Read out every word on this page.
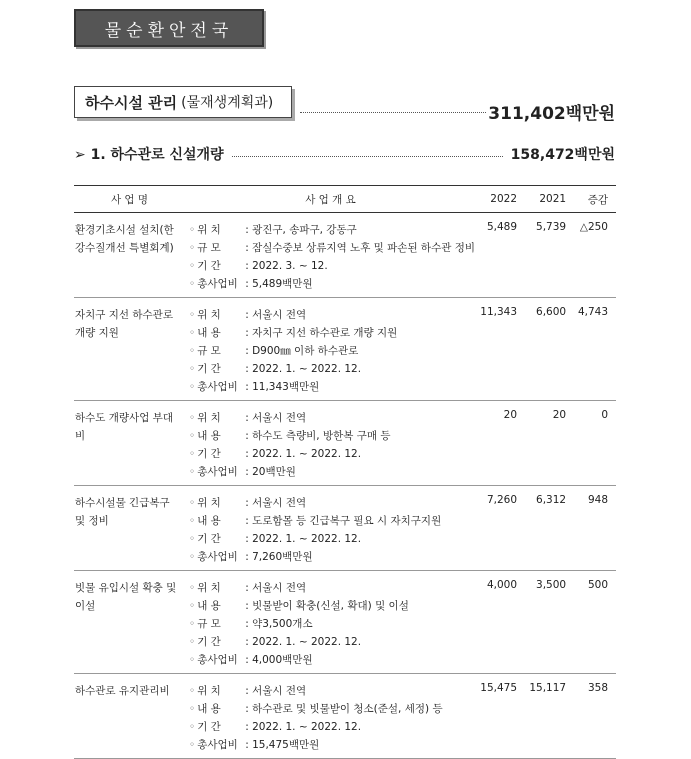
물순환안전국
하수시설 관리 (물재생계획과)
311,402백만원
➢ 1. 하수관로 신설개량	158,472백만원
사 업 명	사 업 개 요	2022	2021	증감
환경기초시설 설치(한강수질개선 특별회계)	◦ 위 치 : 광진구, 송파구, 강동구
◦ 규 모 : 잠실수중보 상류지역 노후 및 파손된 하수관 정비
◦ 기 간 : 2022. 3. ~ 12.
◦ 총사업비 : 5,489백만원	5,489	5,739	△250
자치구 지선 하수관로 개량 지원	◦ 위 치 : 서울시 전역
◦ 내 용 : 자치구 지선 하수관로 개량 지원
◦ 규 모 : D900㎜ 이하 하수관로
◦ 기 간 : 2022. 1. ~ 2022. 12.
◦ 총사업비 : 11,343백만원	11,343	6,600	4,743
하수도 개량사업 부대비	◦ 위 치 : 서울시 전역
◦ 내 용 : 하수도 측량비, 방한복 구매 등
◦ 기 간 : 2022. 1. ~ 2022. 12.
◦ 총사업비 : 20백만원	20	20	0
하수시설물 긴급복구 및 정비	◦ 위 치 : 서울시 전역
◦ 내 용 : 도로함몰 등 긴급복구 필요 시 자치구지원
◦ 기 간 : 2022. 1. ~ 2022. 12.
◦ 총사업비 : 7,260백만원	7,260	6,312	948
빗물 유입시설 확충 및 이설	◦ 위 치 : 서울시 전역
◦ 내 용 : 빗물받이 확충(신설, 확대) 및 이설
◦ 규 모 : 약3,500개소
◦ 기 간 : 2022. 1. ~ 2022. 12.
◦ 총사업비 : 4,000백만원	4,000	3,500	500
하수관로 유지관리비	◦ 위 치 : 서울시 전역
◦ 내 용 : 하수관로 및 빗물받이 청소(준설, 세정) 등
◦ 기 간 : 2022. 1. ~ 2022. 12.
◦ 총사업비 : 15,475백만원	15,475	15,117	358
